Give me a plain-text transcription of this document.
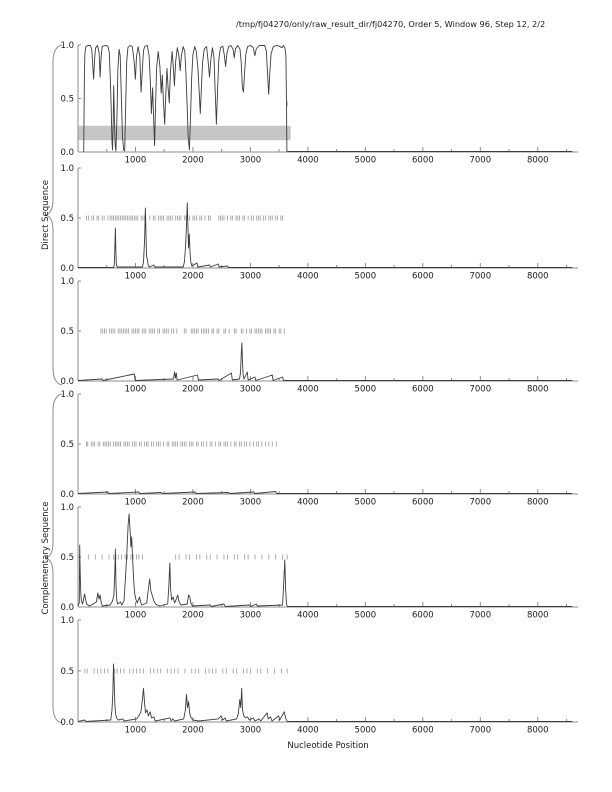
/tmp/fj04270/only/raw_result_dir/fj04270, Order 5, Window 96, Step 12, 2/2
1000	2000	3000	4000	5000	6000	7000	8000
0.0
0.5
1.0
1000	2000	3000	4000	5000	6000	7000	8000
0.0
0.5
1.0
1000	2000	3000	4000	5000	6000	7000	8000
0.0
0.5
1.0
1000	2000	3000	4000	5000	6000	7000	8000
0.0
0.5
1.0
1000	2000	3000	4000	5000	6000	7000	8000
0.0
0.5
1.0
1000	2000	3000	4000	5000	6000	7000	8000
0.0
0.5
1.0
Direct Sequence
Complementary Sequence
Nucleotide Position
